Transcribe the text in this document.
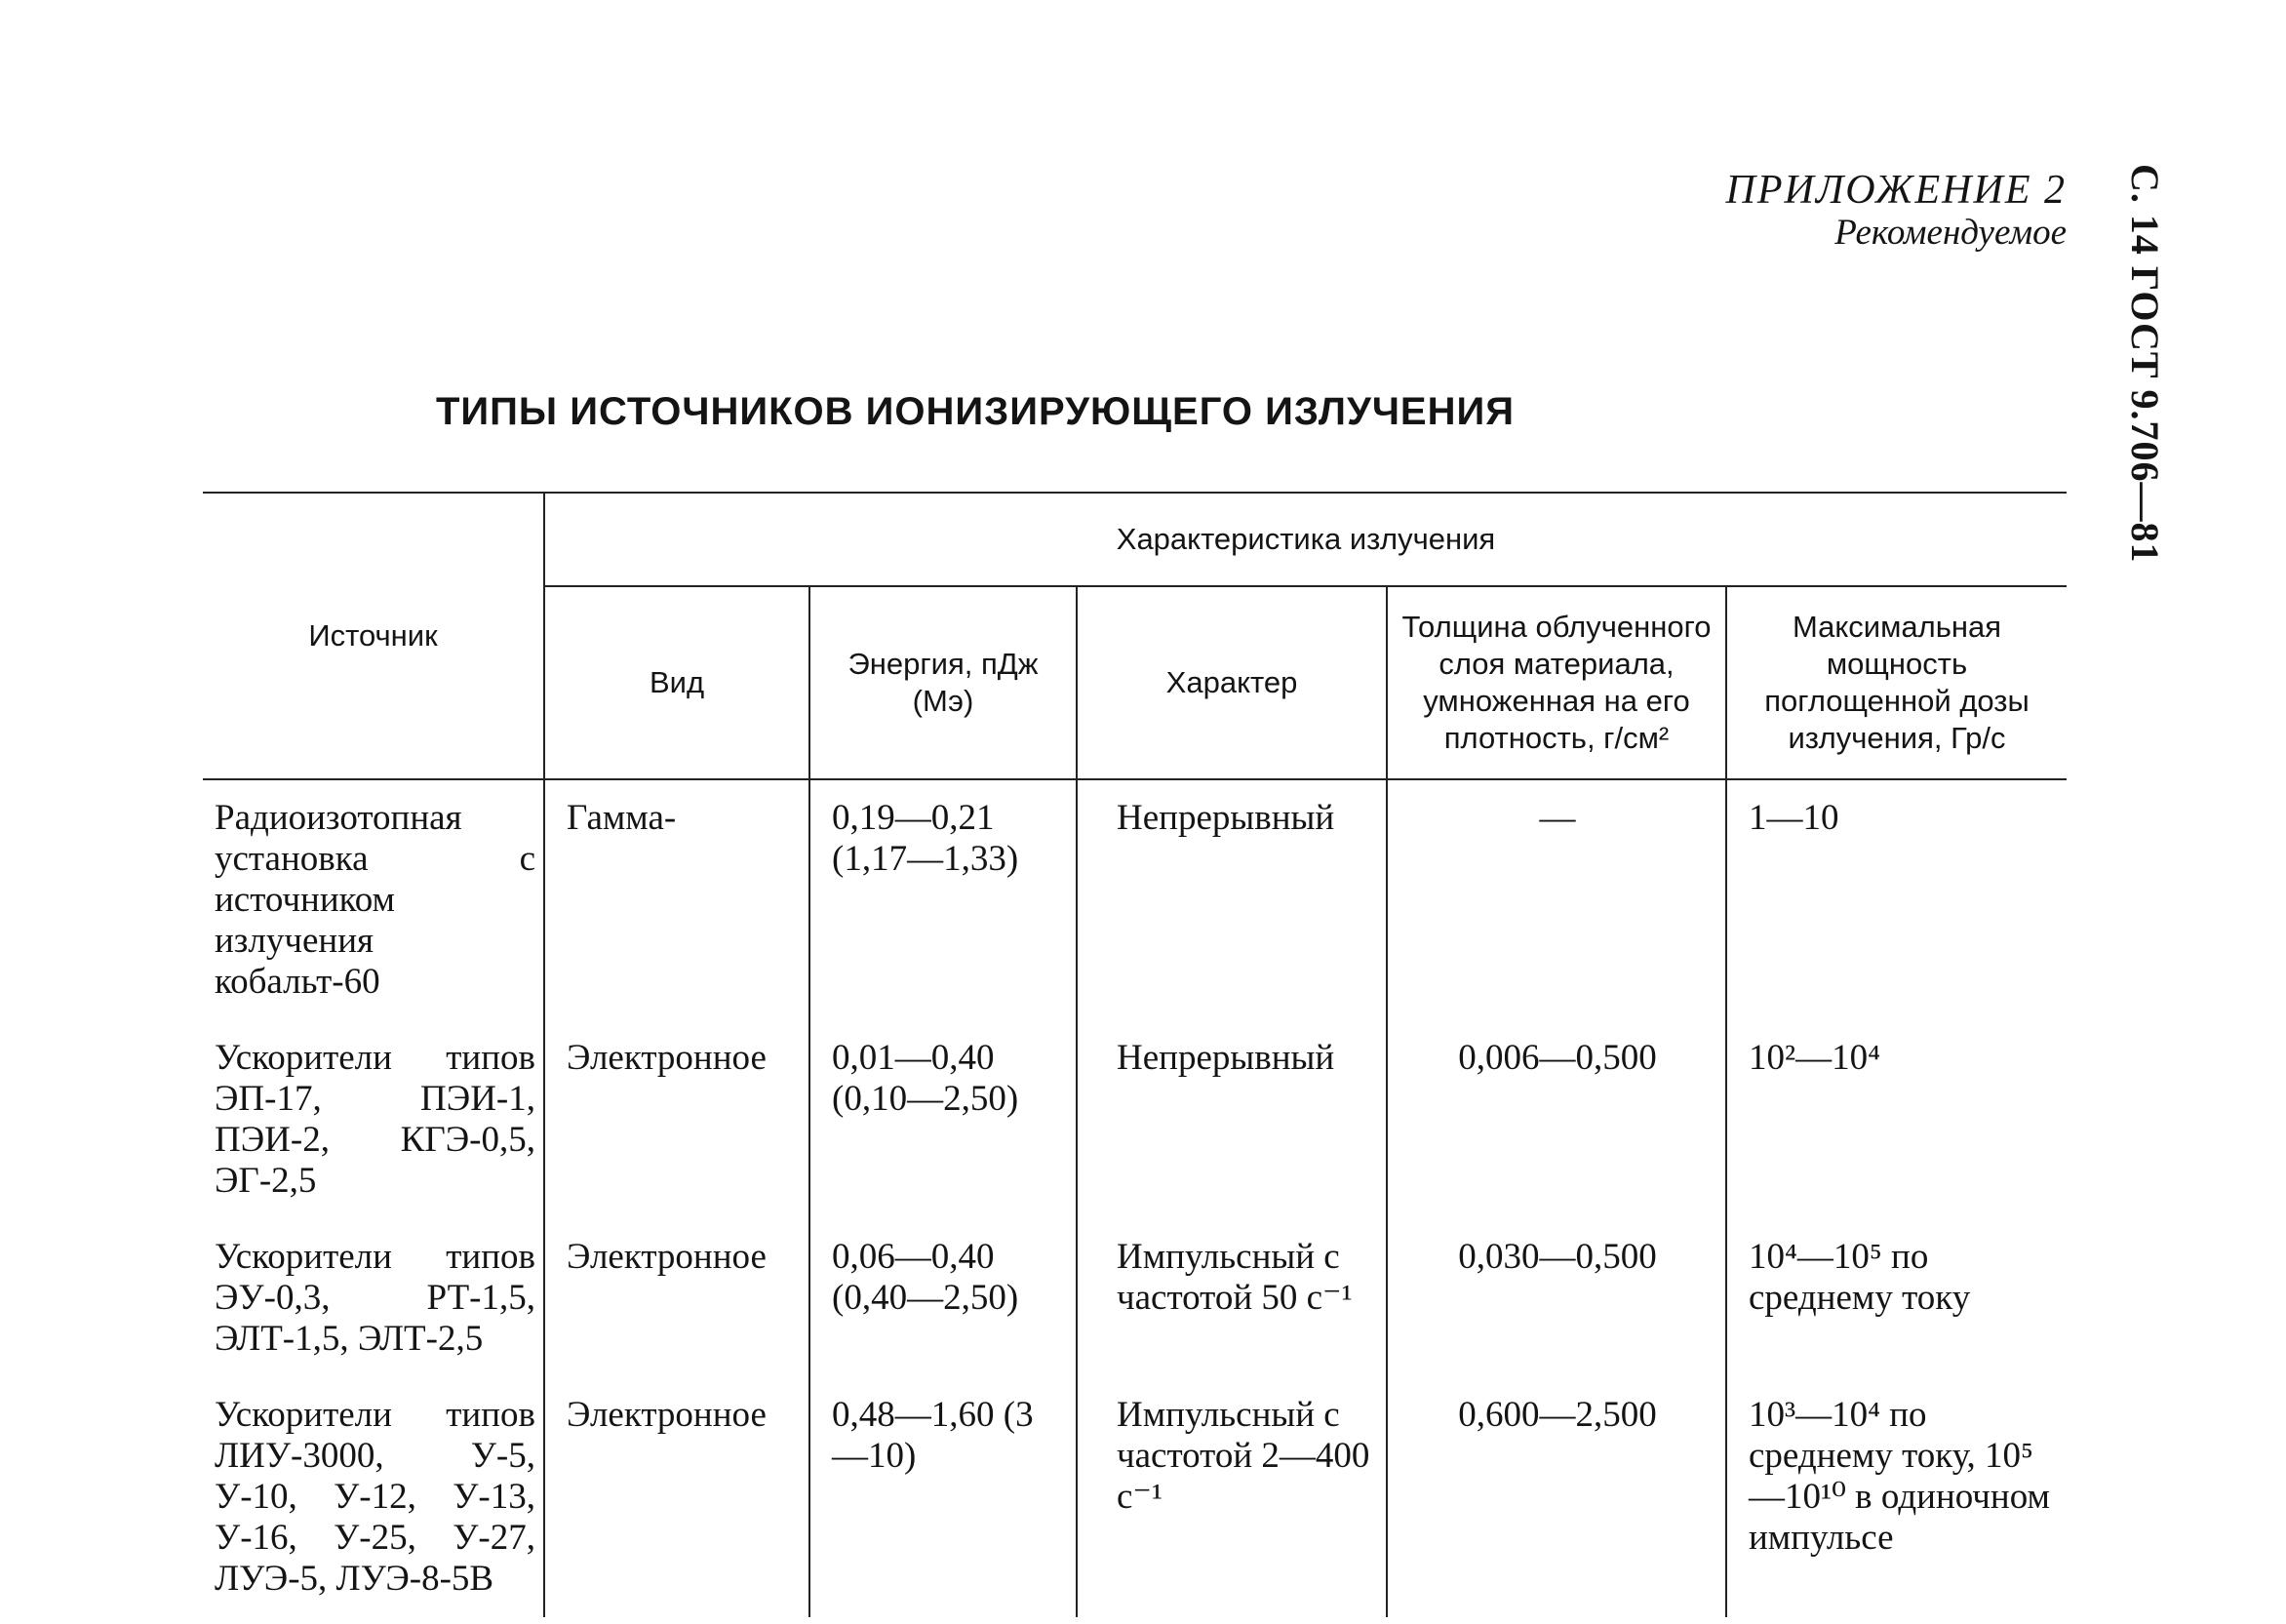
С. 14 ГОСТ 9.706—81
ПРИЛОЖЕНИЕ 2
Рекомендуемое
ТИПЫ ИСТОЧНИКОВ ИОНИЗИРУЮЩЕГО ИЗЛУЧЕНИЯ
Источник	Характеристика излучения				
	Вид	Энергия, пДж (Мэ)	Характер	Толщина облученного слоя материала, умноженная на его плотность, г/см²	Максимальная мощность поглощенной дозы излучения, Гр/с
Радиоизотопная установка с источником излучения кобальт-60	Гамма-	0,19—0,21 (1,17—1,33)	Непрерывный	—	1—10
Ускорители типов ЭП-17, ПЭИ-1, ПЭИ-2, КГЭ-0,5, ЭГ-2,5	Электронное	0,01—0,40 (0,10—2,50)	Непрерывный	0,006—0,500	10²—10⁴
Ускорители типов ЭУ-0,3, РТ-1,5, ЭЛТ-1,5, ЭЛТ-2,5	Электронное	0,06—0,40 (0,40—2,50)	Импульсный с частотой 50 с⁻¹	0,030—0,500	10⁴—10⁵ по среднему току
Ускорители типов ЛИУ-3000, У-5, У-10, У-12, У-13, У-16, У-25, У-27, ЛУЭ-5, ЛУЭ-8-5В	Электронное	0,48—1,60 (3—10)	Импульсный с частотой 2—400 с⁻¹	0,600—2,500	10³—10⁴ по среднему току, 10⁵—10¹⁰ в одиночном импульсе
